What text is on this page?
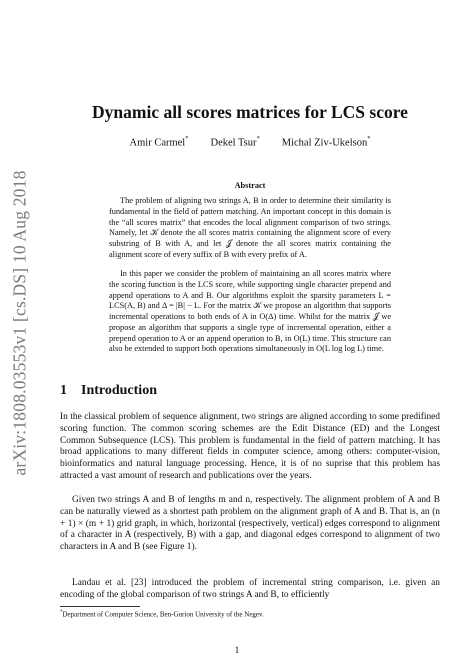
arXiv:1808.03553v1 [cs.DS] 10 Aug 2018
Dynamic all scores matrices for LCS score
Amir Carmel* Dekel Tsur* Michal Ziv-Ukelson*
Abstract

The problem of aligning two strings A, B in order to determine their similarity is fundamental in the field of pattern matching. An important concept in this domain is the “all scores matrix” that encodes the local alignment comparison of two strings. Namely, let 𝒦 denote the all scores matrix containing the alignment score of every substring of B with A, and let 𝒥 denote the all scores matrix containing the alignment score of every suffix of B with every prefix of A.

In this paper we consider the problem of maintaining an all scores matrix where the scoring function is the LCS score, while supporting single character prepend and append operations to A and B. Our algorithms exploit the sparsity parameters L = LCS(A, B) and Δ = |B| − L. For the matrix 𝒦 we propose an algorithm that supports incremental operations to both ends of A in O(Δ) time. Whilst for the matrix 𝒥 we propose an algorithm that supports a single type of incremental operation, either a prepend operation to A or an append operation to B, in O(L) time. This structure can also be extended to support both operations simultaneously in O(L log log L) time.

1 Introduction

In the classical problem of sequence alignment, two strings are aligned according to some predifined scoring function. The common scoring schemes are the Edit Distance (ED) and the Longest Common Subsequence (LCS). This problem is fundamental in the field of pattern matching. It has broad applications to many different fields in computer science, among others: computer-vision, bioinformatics and natural language processing. Hence, it is of no suprise that this problem has attracted a vast amount of research and publications over the years.

Given two strings A and B of lengths m and n, respectively. The alignment problem of A and B can be naturally viewed as a shortest path problem on the alignment graph of A and B. That is, an (n + 1) × (m + 1) grid graph, in which, horizontal (respectively, vertical) edges correspond to alignment of a character in A (respectively, B) with a gap, and diagonal edges correspond to alignment of two characters in A and B (see Figure 1).

Landau et al. [23] introduced the problem of incremental string comparison, i.e. given an encoding of the global comparison of two strings A and B, to efficiently

*Department of Computer Science, Ben-Gurion University of the Negev.
1
